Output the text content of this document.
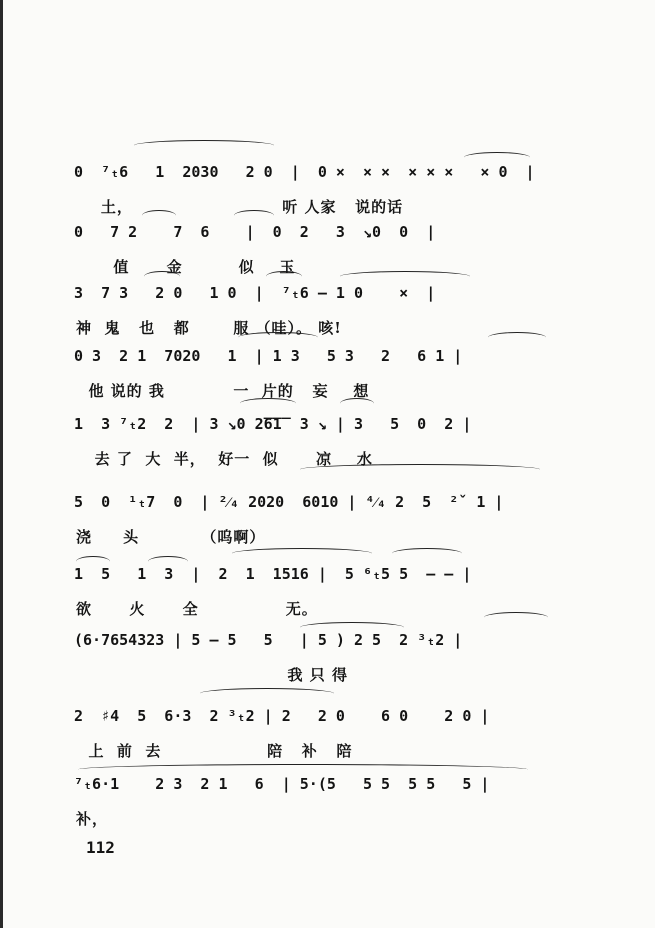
0  ⁷ₜ6   1  2030   2 0  |  0 ×  × ×  × × ×   × 0  |
土，                        听 人家   说的话
0   7 2    7  6    |  0  2   3  ↘0  0  |
值      金         似    玉
3  7 3   2 0   1 0  |  ⁷ₜ6 — 1 0    ×  |
神  鬼   也   都       服 （哇）。 咳!
0 3  2 1  7020   1  | 1 3   5 3   2   6 1 |
他 说的 我           一  片的   妄    想
1  3 ⁷ₜ2  2  | 3 ↘0 2̅6̅1̅  3 ↘ | 3   5  0  2 |
去 了  大  半，  好一  似      凉    水
5  0  ¹ₜ7  0  | ²⁄₄ 2020  6010 | ⁴⁄₄ 2  5  ²̌  1 |
浇     头          （呜啊）
1  5   1  3  |  2  1  1516 |  5 ⁶ₜ5 5  — — |
欲      火      全              无。
(6·7654323 | 5 — 5   5   | 5 ) 2 5  2 ³ₜ2 |
我 只 得
2  ♯4  5  6·3  2 ³ₜ2 | 2   2 0    6 0    2 0 |
上  前  去                 陪   补   陪
⁷ₜ6·1    2 3  2 1   6  | 5·(5   5 5  5 5   5 |
补，
112
